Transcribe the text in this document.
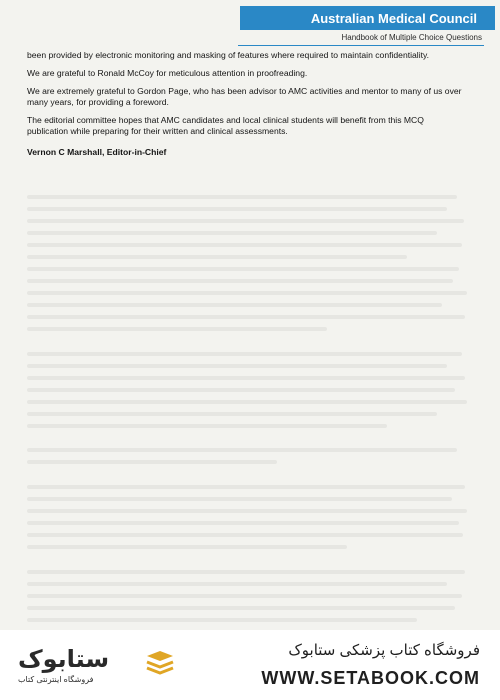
Australian Medical Council
Handbook of Multiple Choice Questions

been provided by electronic monitoring and masking of features where required to maintain confidentiality.

We are grateful to Ronald McCoy for meticulous attention in proofreading.

We are extremely grateful to Gordon Page, who has been advisor to AMC activities and mentor to many of us over many years, for providing a foreword.

The editorial committee hopes that AMC candidates and local clinical students will benefit from this MCQ publication while preparing for their written and clinical assessments.

Vernon C Marshall, Editor-in-Chief

ستابوک
فروشگاه اینترنتی کتاب
فروشگاه کتاب پزشکی ستابوک
WWW.SETABOOK.COM
